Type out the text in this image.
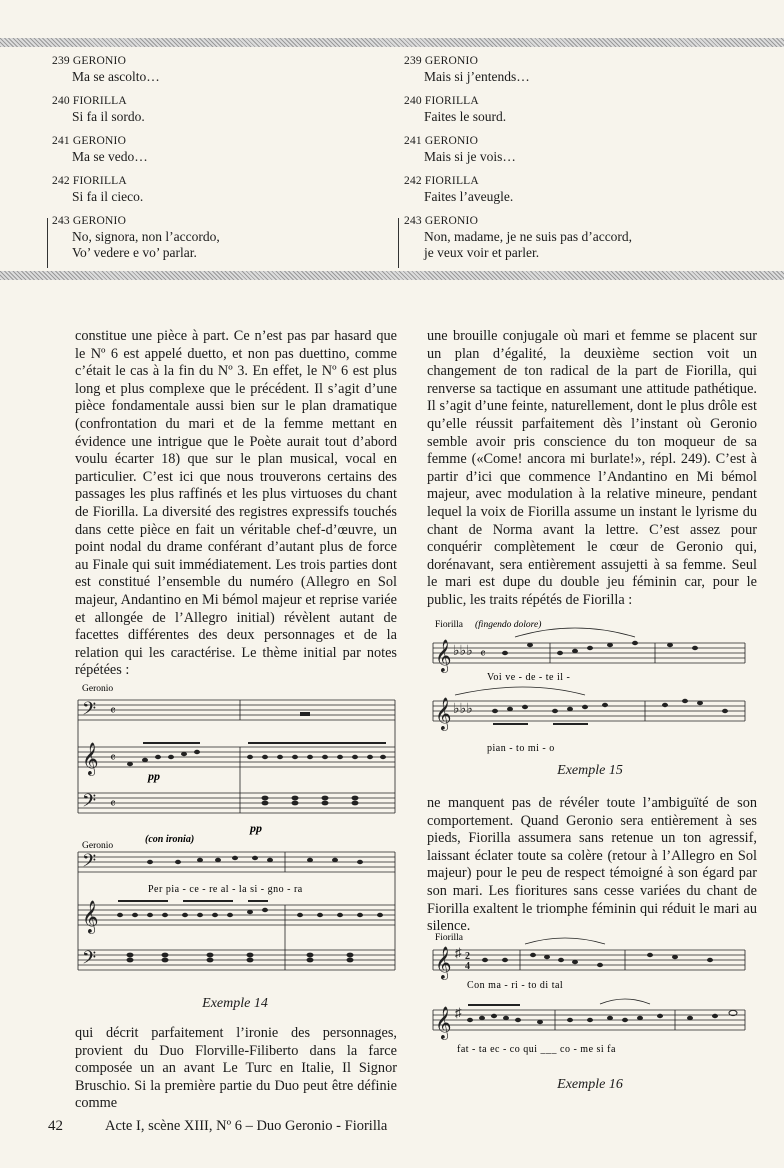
239 GERONIO
Ma se ascolto…
240 FIORILLA
Si fa il sordo.
241 GERONIO
Ma se vedo…
242 FIORILLA
Si fa il cieco.
243 GERONIO
No, signora, non l’accordo,
Vo’ vedere e vo’ parlar.
239 GERONIO
Mais si j’entends…
240 FIORILLA
Faites le sourd.
241 GERONIO
Mais si je vois…
242 FIORILLA
Faites l’aveugle.
243 GERONIO
Non, madame, je ne suis pas d’accord,
je veux voir et parler.

constitue une pièce à part. Ce n’est pas par hasard que le Nº 6 est appelé duetto, et non pas duettino, comme c’était le cas à la fin du Nº 3. En effet, le Nº 6 est plus long et plus complexe que le précédent. Il s’agit d’une pièce fondamentale aussi bien sur le plan dramatique (confrontation du mari et de la femme mettant en évidence une intrigue que le Poète aurait tout d’abord voulu écarter 18) que sur le plan musical, vocal en particulier. C’est ici que nous trouverons certains des passages les plus raffinés et les plus virtuoses du chant de Fiorilla. La diversité des registres expressifs touchés dans cette pièce en fait un véritable chef-d’œuvre, un point nodal du drame conférant d’autant plus de force au Finale qui suit immédiatement. Les trois parties dont est constitué l’ensemble du numéro (Allegro en Sol majeur, Andantino en Mi bémol majeur et reprise variée et allongée de l’Allegro initial) révèlent autant de facettes différentes des deux personnages et de la relation qui les caractérise. Le thème initial par notes répétées :

𝄢
𝄞
𝄢
𝄢
𝄞
𝄢
𝄴
𝄴
𝄴
Geronio
pp
pp
Geronio
(con ironia)
Per pia - ce - re al - la si - gno - ra
Exemple 14

qui décrit parfaitement l’ironie des personnages, provient du Duo Florville-Filiberto dans la farce composée un an avant Le Turc en Italie, Il Signor Bruschio. Si la première partie du Duo peut être définie comme

une brouille conjugale où mari et femme se placent sur un plan d’égalité, la deuxième section voit un changement de ton radical de la part de Fiorilla, qui renverse sa tactique en assumant une attitude pathétique. Il s’agit d’une feinte, naturellement, dont le plus drôle est qu’elle réussit parfaitement dès l’instant où Geronio semble avoir pris conscience du ton moqueur de sa femme («Come! ancora mi burlate!», répl. 249). C’est à partir d’ici que commence l’Andantino en Mi bémol majeur, avec modulation à la relative mineure, pendant lequel la voix de Fiorilla assume un instant le lyrisme du chant de Norma avant la lettre. C’est assez pour conquérir complètement le cœur de Geronio qui, dorénavant, sera entièrement assujetti à sa femme. Seul le mari est dupe du double jeu féminin car, pour le public, les traits répétés de Fiorilla :

𝄞
𝄞
♭♭♭
♭♭♭
𝄴
Fiorilla (fingendo dolore)
Voi ve - de - te il -
pian - to mi - o
Exemple 15

ne manquent pas de révéler toute l’ambiguïté de son comportement. Quand Geronio sera entièrement à ses pieds, Fiorilla assumera sans retenue un ton agressif, laissant éclater toute sa colère (retour à l’Allegro en Sol majeur) pour le peu de respect témoigné à son égard par son mari. Les fioritures sans cesse variées du chant de Fiorilla exaltent le triomphe féminin qui réduit le mari au silence.

𝄞
𝄞
♯
♯
2
4
Fiorilla
Con ma - ri - to di tal
fat - ta ec - co qui ___ co - me si fa
Exemple 16
42	Acte I, scène XIII, Nº 6 – Duo Geronio - Fiorilla
